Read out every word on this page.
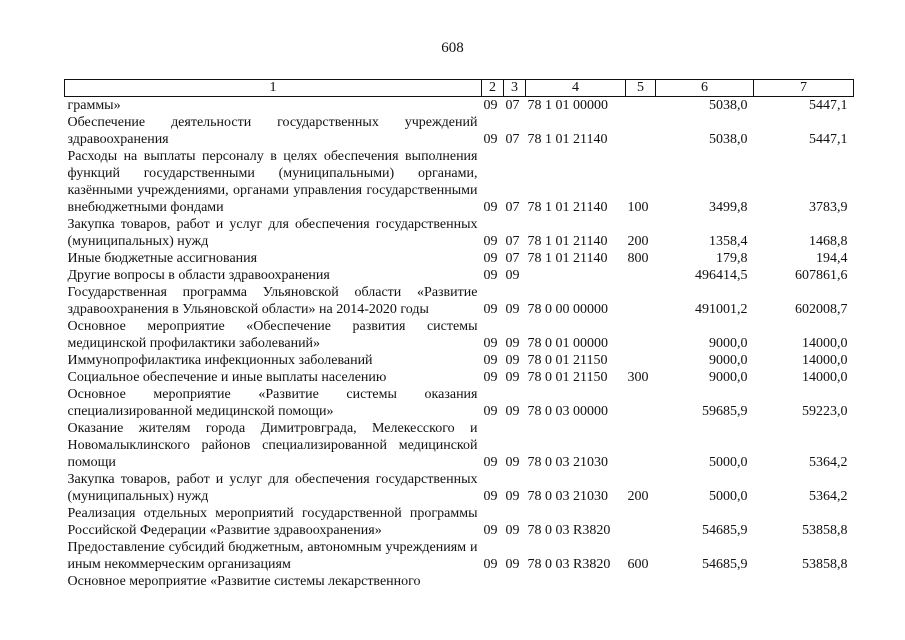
608
1	2	3	4	5	6	7
граммы»	09	07	78 1 01 00000		5038,0	5447,1
Обеспечение деятельности государственных учреждений здравоохранения	09	07	78 1 01 21140		5038,0	5447,1
Расходы на выплаты персоналу в целях обеспечения выполнения функций государственными (муниципальными) органами, казёнными учреждениями, органами управления государственными внебюджетными фондами	09	07	78 1 01 21140	100	3499,8	3783,9
Закупка товаров, работ и услуг для обеспечения государственных (муниципальных) нужд	09	07	78 1 01 21140	200	1358,4	1468,8
Иные бюджетные ассигнования	09	07	78 1 01 21140	800	179,8	194,4
Другие вопросы в области здравоохранения	09	09			496414,5	607861,6
Государственная программа Ульяновской области «Развитие здравоохранения в Ульяновской области» на 2014-2020 годы	09	09	78 0 00 00000		491001,2	602008,7
Основное мероприятие «Обеспечение развития системы медицинской профилактики заболеваний»	09	09	78 0 01 00000		9000,0	14000,0
Иммунопрофилактика инфекционных заболеваний	09	09	78 0 01 21150		9000,0	14000,0
Социальное обеспечение и иные выплаты населению	09	09	78 0 01 21150	300	9000,0	14000,0
Основное мероприятие «Развитие системы оказания специализированной медицинской помощи»	09	09	78 0 03 00000		59685,9	59223,0
Оказание жителям города Димитровграда, Мелекесского и Новомалыклинского районов специализированной медицинской помощи	09	09	78 0 03 21030		5000,0	5364,2
Закупка товаров, работ и услуг для обеспечения государственных (муниципальных) нужд	09	09	78 0 03 21030	200	5000,0	5364,2
Реализация отдельных мероприятий государственной программы Российской Федерации «Развитие здравоохранения»	09	09	78 0 03 R3820		54685,9	53858,8
Предоставление субсидий бюджетным, автономным учреждениям и иным некоммерческим организациям	09	09	78 0 03 R3820	600	54685,9	53858,8
Основное мероприятие «Развитие системы лекарственного						
